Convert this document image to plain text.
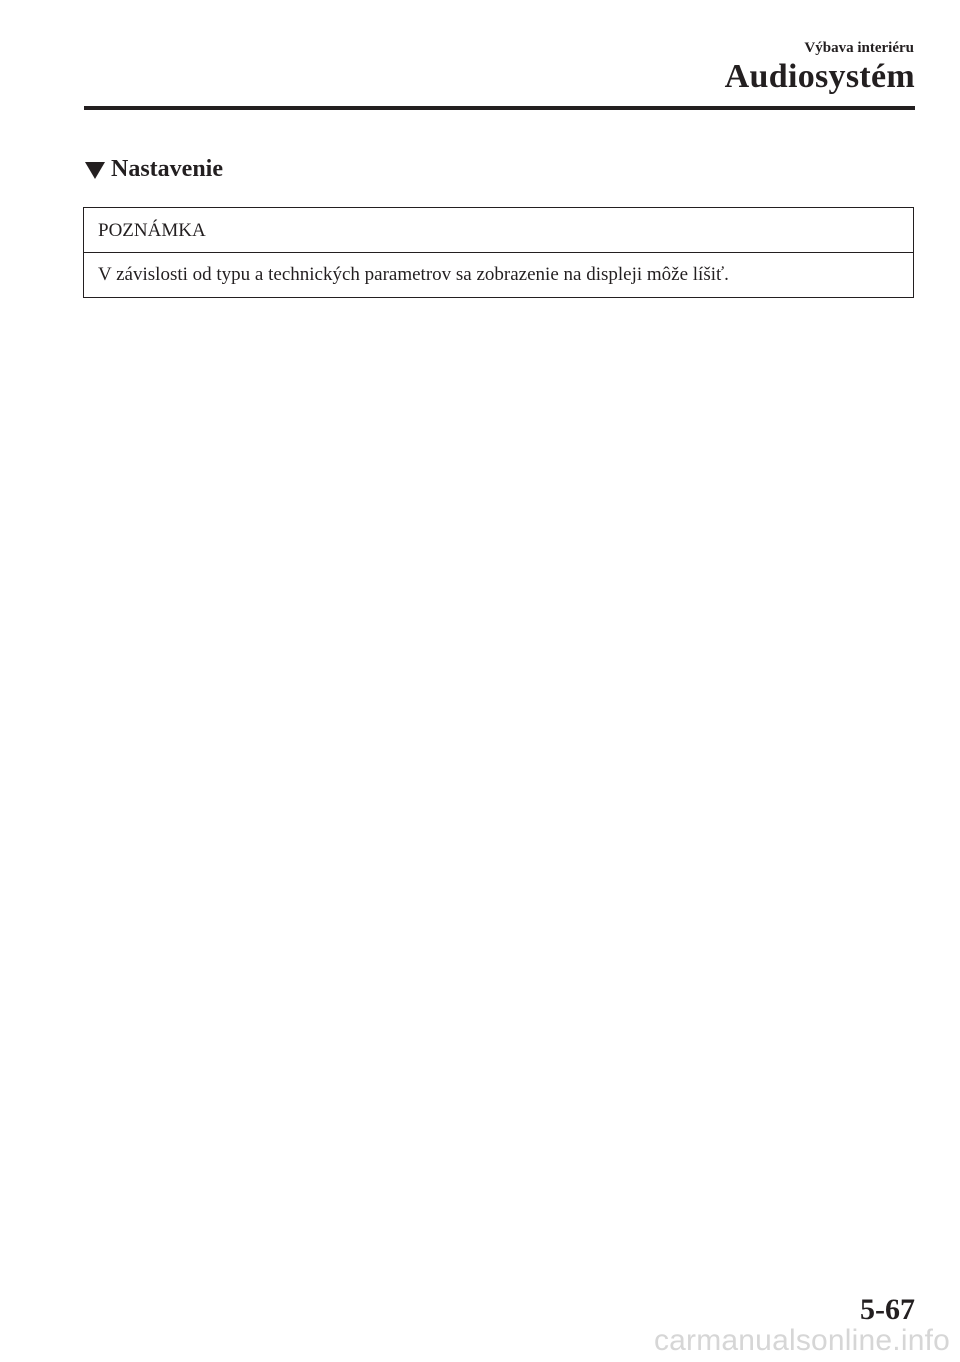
Výbava interiéru
Audiosystém
Nastavenie
POZNÁMKA
V závislosti od typu a technických parametrov sa zobrazenie na displeji môže líšiť.
5-67
carmanualsonline.info
